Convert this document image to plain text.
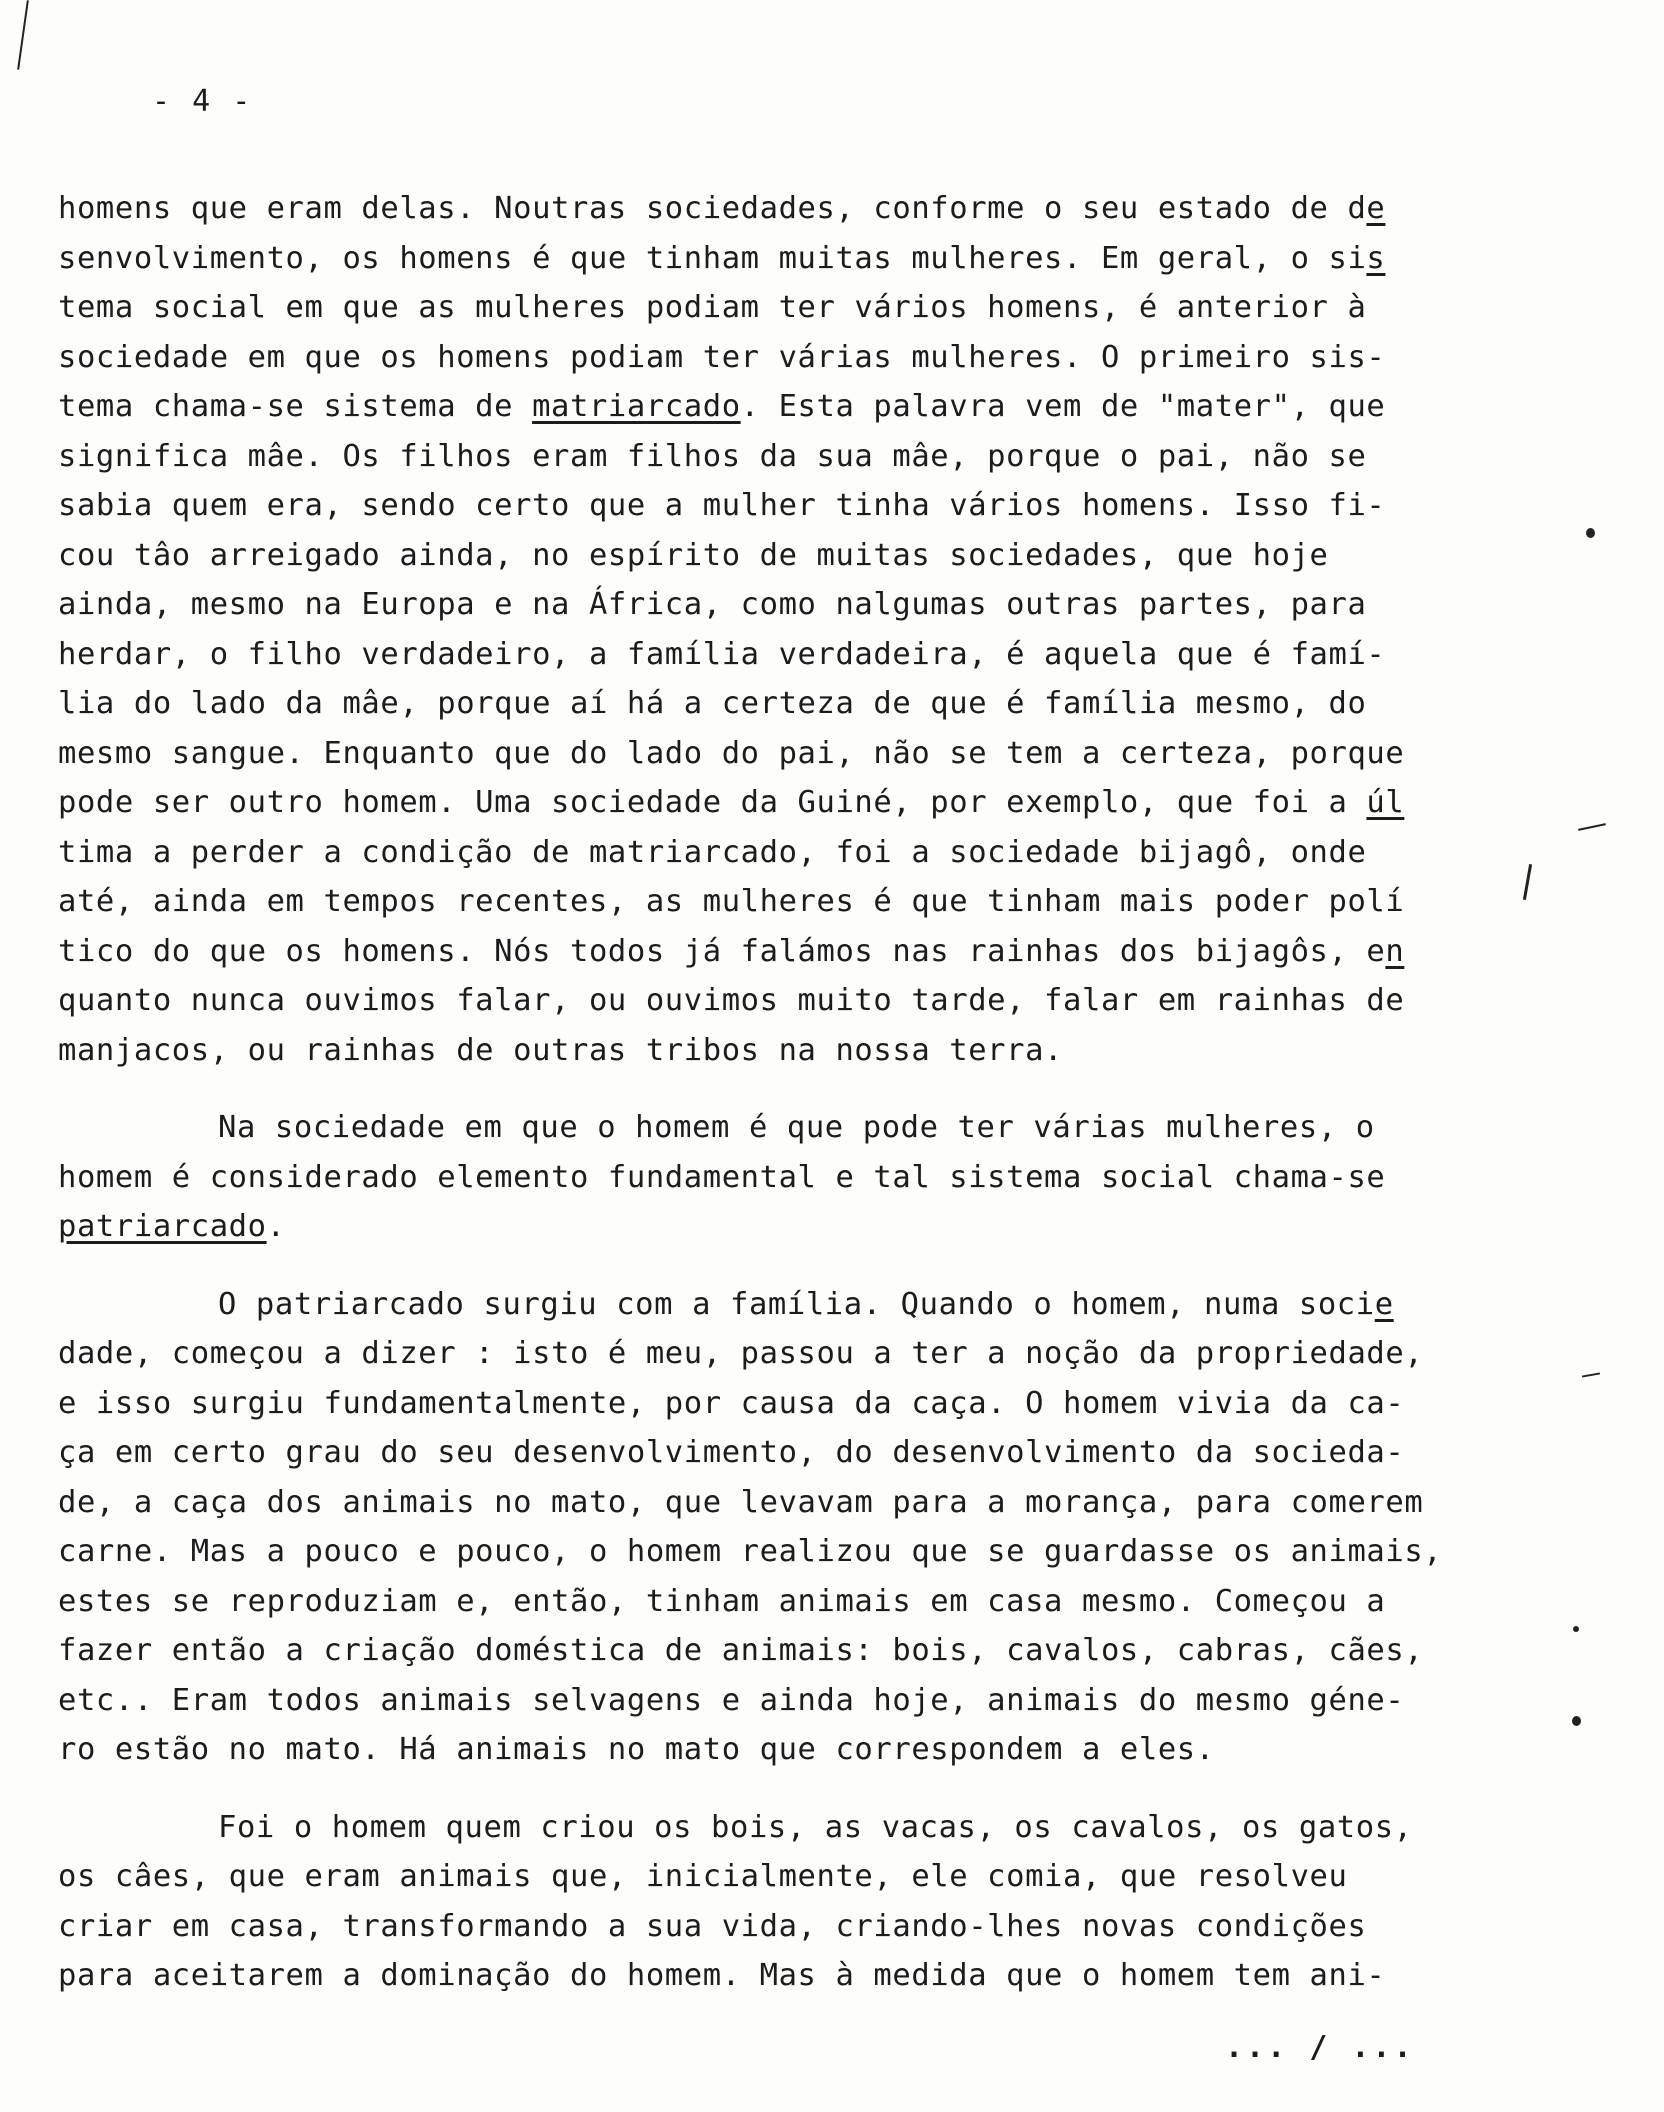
- 4 -
homens que eram delas. Noutras sociedades, conforme o seu estado de de
senvolvimento, os homens é que tinham muitas mulheres. Em geral, o sis
tema social em que as mulheres podiam ter vários homens, é anterior à
sociedade em que os homens podiam ter várias mulheres. O primeiro sis-
tema chama-se sistema de matriarcado. Esta palavra vem de "mater", que
significa mâe. Os filhos eram filhos da sua mâe, porque o pai, não se
sabia quem era, sendo certo que a mulher tinha vários homens. Isso fi-
cou tâo arreigado ainda, no espírito de muitas sociedades, que hoje
ainda, mesmo na Europa e na África, como nalgumas outras partes, para
herdar, o filho verdadeiro, a família verdadeira, é aquela que é famí-
lia do lado da mâe, porque aí há a certeza de que é família mesmo, do
mesmo sangue. Enquanto que do lado do pai, não se tem a certeza, porque
pode ser outro homem. Uma sociedade da Guiné, por exemplo, que foi a úl
tima a perder a condição de matriarcado, foi a sociedade bijagô, onde
até, ainda em tempos recentes, as mulheres é que tinham mais poder polí
tico do que os homens. Nós todos já falámos nas rainhas dos bijagôs, en
quanto nunca ouvimos falar, ou ouvimos muito tarde, falar em rainhas de
manjacos, ou rainhas de outras tribos na nossa terra.
Na sociedade em que o homem é que pode ter várias mulheres, o
homem é considerado elemento fundamental e tal sistema social chama-se
patriarcado.
O patriarcado surgiu com a família. Quando o homem, numa socie
dade, começou a dizer : isto é meu, passou a ter a noção da propriedade,
e isso surgiu fundamentalmente, por causa da caça. O homem vivia da ca-
ça em certo grau do seu desenvolvimento, do desenvolvimento da socieda-
de, a caça dos animais no mato, que levavam para a morança, para comerem
carne. Mas a pouco e pouco, o homem realizou que se guardasse os animais,
estes se reproduziam e, então, tinham animais em casa mesmo. Começou a
fazer então a criação doméstica de animais: bois, cavalos, cabras, cães,
etc.. Eram todos animais selvagens e ainda hoje, animais do mesmo géne-
ro estão no mato. Há animais no mato que correspondem a eles.
Foi o homem quem criou os bois, as vacas, os cavalos, os gatos,
os câes, que eram animais que, inicialmente, ele comia, que resolveu
criar em casa, transformando a sua vida, criando-lhes novas condições
para aceitarem a dominação do homem. Mas à medida que o homem tem ani-
... / ...
